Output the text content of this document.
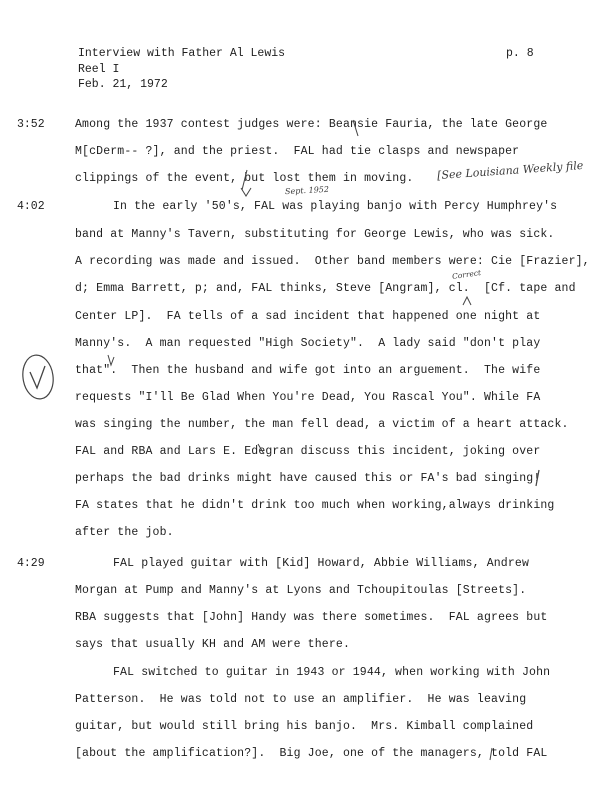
Interview with Father Al Lewis
Reel I
Feb. 21, 1972
p. 8
3:52
4:02
4:29
Among the 1937 contest judges were: Beansie Fauria, the late George
M[cDerm-- ?], and the priest.  FAL had tie clasps and newspaper
clippings of the event, but lost them in moving.
In the early '50's, FAL was playing banjo with Percy Humphrey's
band at Manny's Tavern, substituting for George Lewis, who was sick.
A recording was made and issued.  Other band members were: Cie [Frazier],
d; Emma Barrett, p; and, FAL thinks, Steve [Angram], cl.  [Cf. tape and
Center LP].  FA tells of a sad incident that happened one night at
Manny's.  A man requested "High Society".  A lady said "don't play
that".  Then the husband and wife got into an arguement.  The wife
requests "I'll Be Glad When You're Dead, You Rascal You". While FA
was singing the number, the man fell dead, a victim of a heart attack.
FAL and RBA and Lars E. Edegran discuss this incident, joking over
perhaps the bad drinks might have caused this or FA's bad singing!
FA states that he didn't drink too much when working,always drinking
after the job.
FAL played guitar with [Kid] Howard, Abbie Williams, Andrew
Morgan at Pump and Manny's at Lyons and Tchoupitoulas [Streets].
RBA suggests that [John] Handy was there sometimes.  FAL agrees but
says that usually KH and AM were there.
FAL switched to guitar in 1943 or 1944, when working with John
Patterson.  He was told not to use an amplifier.  He was leaving
guitar, but would still bring his banjo.  Mrs. Kimball complained
[about the amplification?].  Big Joe, one of the managers, told FAL
[See Louisiana Weekly file
Sept. 1952
Correct
